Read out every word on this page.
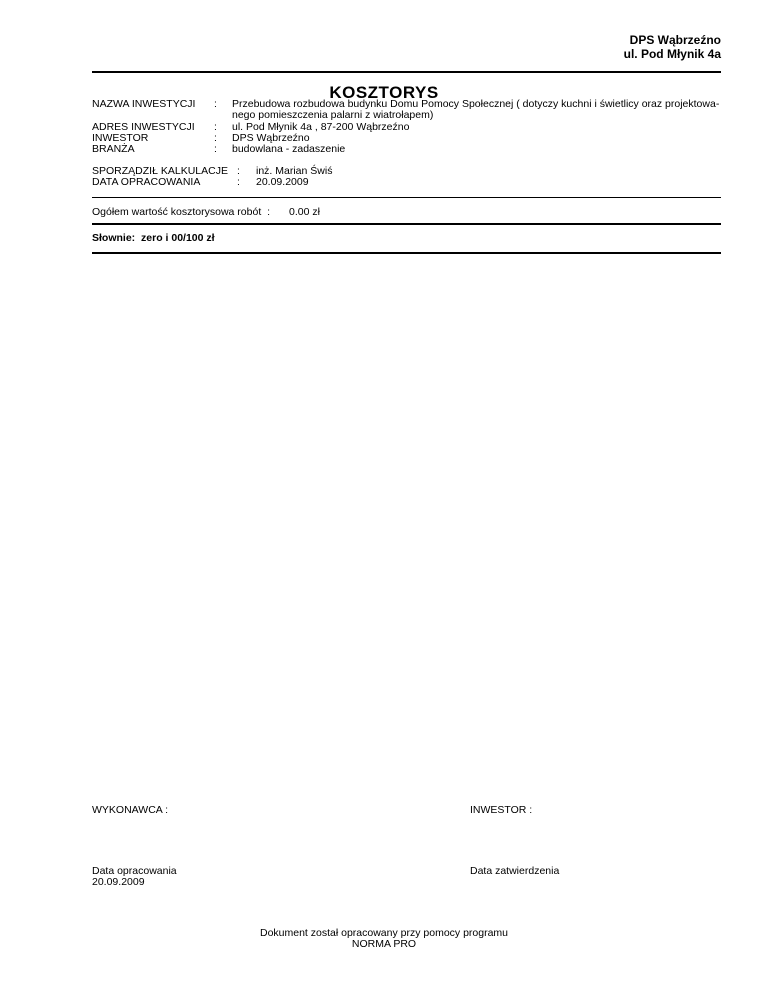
DPS Wąbrzeźno
ul. Pod Młynik 4a
KOSZTORYS
NAZWA INWESTYCJI : Przebudowa rozbudowa budynku Domu Pomocy Społecznej ( dotyczy kuchni i świetlicy oraz projektowa-
nego pomieszczenia palarni z wiatrołapem)
ADRES INWESTYCJI : ul. Pod Młynik 4a , 87-200 Wąbrzeźno
INWESTOR	: DPS Wąbrzeźno
BRANŻA	: budowlana - zadaszenie
SPORZĄDZIŁ KALKULACJE : inż. Marian Świś
DATA OPRACOWANIA	: 20.09.2009
Ogółem wartość kosztorysowa robót : 0.00 zł
Słownie: zero i 00/100 zł
WYKONAWCA :	INWESTOR :
Data opracowania
20.09.2009
Data zatwierdzenia
Dokument został opracowany przy pomocy programu
NORMA PRO
